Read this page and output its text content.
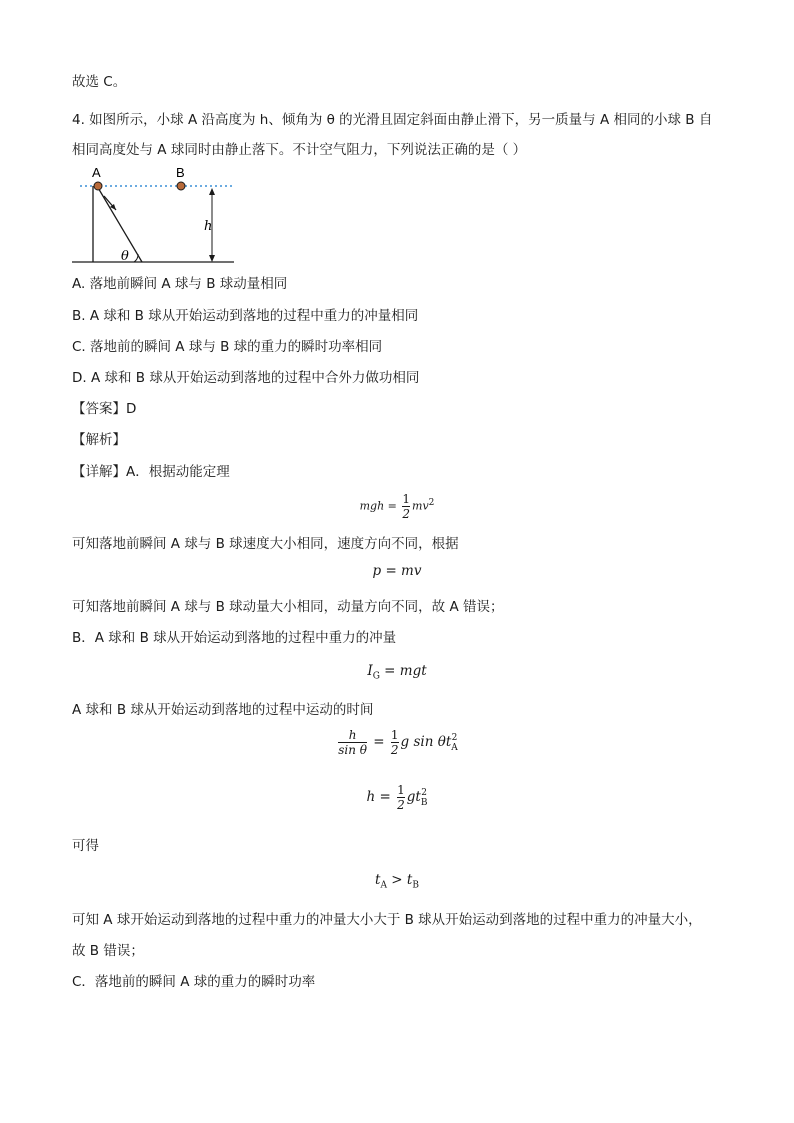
故选 C。
4. 如图所示，小球 A 沿高度为 h、倾角为 θ 的光滑且固定斜面由静止滑下，另一质量与 A 相同的小球 B 自
相同高度处与 A 球同时由静止落下。不计空气阻力，下列说法正确的是（ ）
A	B
h
θ
A. 落地前瞬间 A 球与 B 球动量相同
B. A 球和 B 球从开始运动到落地的过程中重力的冲量相同
C. 落地前的瞬间 A 球与 B 球的重力的瞬时功率相同
D. A 球和 B 球从开始运动到落地的过程中合外力做功相同
【答案】D
【解析】
【详解】A．根据动能定理
mgh = $\frac{1}{2} mv^2$
可知落地前瞬间 A 球与 B 球速度大小相同，速度方向不同，根据
p = mv
可知落地前瞬间 A 球与 B 球动量大小相同，动量方向不同，故 A 错误；
B．A 球和 B 球从开始运动到落地的过程中重力的冲量
$I_G$ = mgt
A 球和 B 球从开始运动到落地的过程中运动的时间
$\frac{h}{\text{sin θ}} = \frac{1}{2}$ g sin θt 2
A
$h = \frac{1}{2}$ gt 2
B
可得
$t_A > t_B$
可知 A 球开始运动到落地的过程中重力的冲量大小大于 B 球从开始运动到落地的过程中重力的冲量大小，
故 B 错误；
C．落地前的瞬间 A 球的重力的瞬时功率
